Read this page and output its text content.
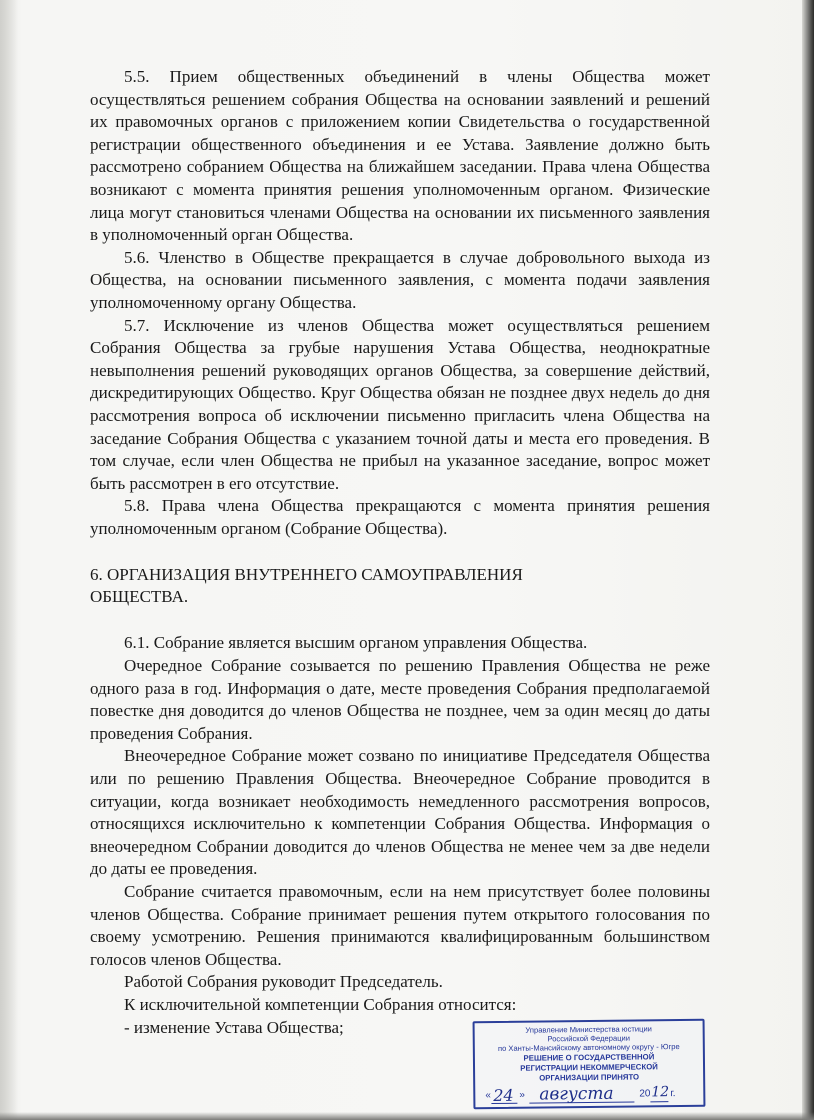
5.5. Прием общественных объединений в члены Общества может осуществляться решением собрания Общества на основании заявлений и решений их правомочных органов с приложением копии Свидетельства о государственной регистрации общественного объединения и ее Устава. Заявление должно быть рассмотрено собранием Общества на ближайшем заседании. Права члена Общества возникают с момента принятия решения уполномоченным органом. Физические лица могут становиться членами Общества на основании их письменного заявления в уполномоченный орган Общества.

5.6. Членство в Обществе прекращается в случае добровольного выхода из Общества, на основании письменного заявления, с момента подачи заявления уполномоченному органу Общества.

5.7. Исключение из членов Общества может осуществляться решением Собрания Общества за грубые нарушения Устава Общества, неоднократные невыполнения решений руководящих органов Общества, за совершение действий, дискредитирующих Общество. Круг Общества обязан не позднее двух недель до дня рассмотрения вопроса об исключении письменно пригласить члена Общества на заседание Собрания Общества с указанием точной даты и места его проведения. В том случае, если член Общества не прибыл на указанное заседание, вопрос может быть рассмотрен в его отсутствие.

5.8. Права члена Общества прекращаются с момента принятия решения уполномоченным органом (Собрание Общества).

6. ОРГАНИЗАЦИЯ ВНУТРЕННЕГО САМОУПРАВЛЕНИЯ
ОБЩЕСТВА.

6.1. Собрание является высшим органом управления Общества.

Очередное Собрание созывается по решению Правления Общества не реже одного раза в год. Информация о дате, месте проведения Собрания предполагаемой повестке дня доводится до членов Общества не позднее, чем за один месяц до даты проведения Собрания.

Внеочередное Собрание может созвано по инициативе Председателя Общества или по решению Правления Общества. Внеочередное Собрание проводится в ситуации, когда возникает необходимость немедленного рассмотрения вопросов, относящихся исключительно к компетенции Собрания Общества. Информация о внеочередном Собрании доводится до членов Общества не менее чем за две недели до даты ее проведения.

Собрание считается правомочным, если на нем присутствует более половины членов Общества. Собрание принимает решения путем открытого голосования по своему усмотрению. Решения принимаются квалифицированным большинством голосов членов Общества.

Работой Собрания руководит Председатель.

К исключительной компетенции Собрания относится:

- изменение Устава Общества;	Управление Министерства юстиции
Российской Федерации
по Ханты-Мансийскому автономному округу - Югре
РЕШЕНИЕ О ГОСУДАРСТВЕННОЙ
РЕГИСТРАЦИИ НЕКОММЕРЧЕСКОЙ
ОРГАНИЗАЦИИ ПРИНЯТО
« 24 » августа	20 12 г.
